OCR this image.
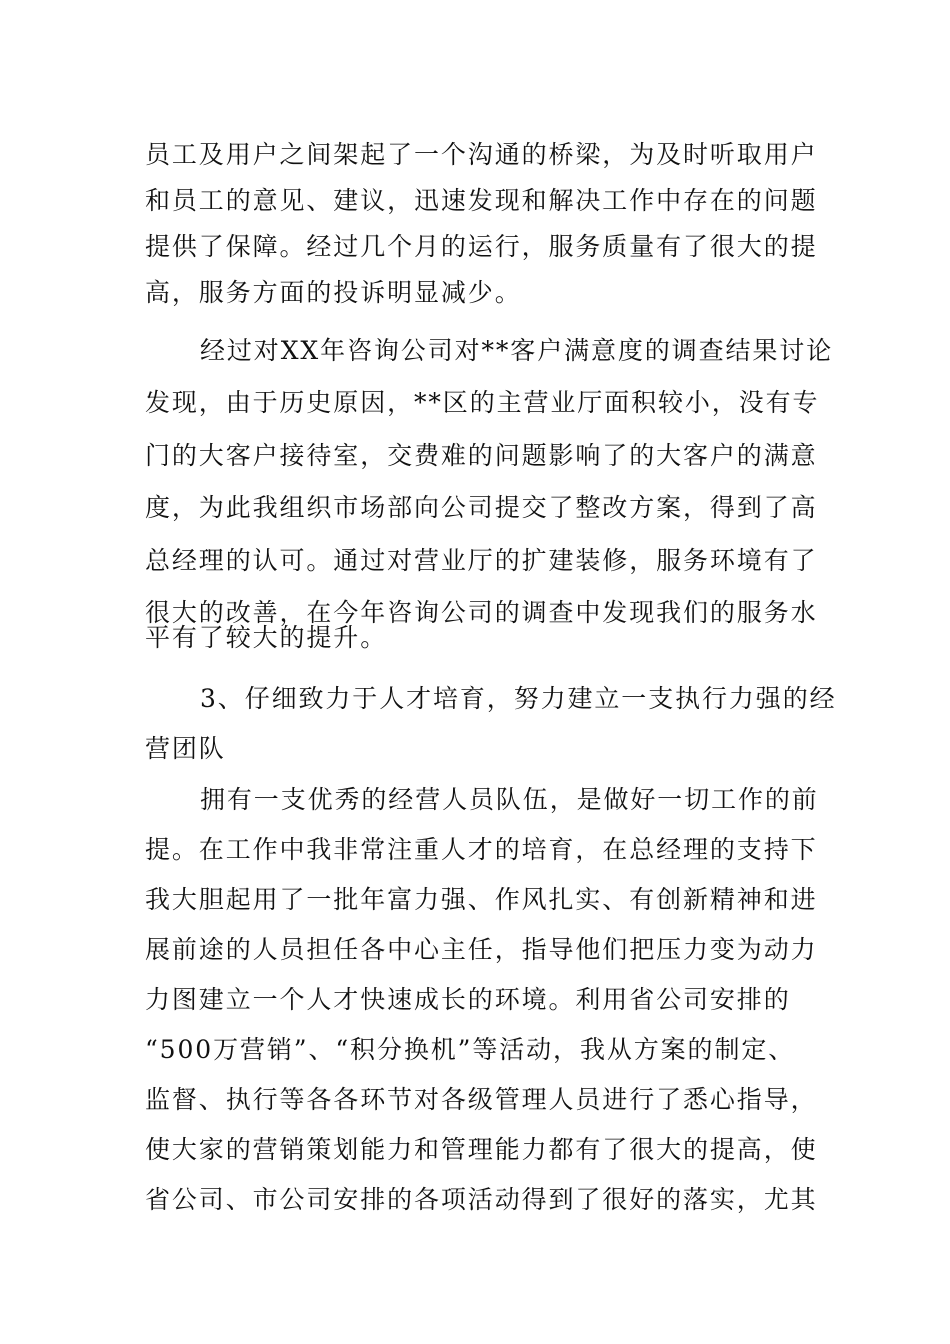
员工及用户之间架起了一个沟通的桥梁，为及时听取用户
和员工的意见、建议，迅速发现和解决工作中存在的问题
提供了保障。经过几个月的运行，服务质量有了很大的提
高，服务方面的投诉明显减少。
经过对XX年咨询公司对**客户满意度的调查结果讨论
发现，由于历史原因，**区的主营业厅面积较小，没有专
门的大客户接待室，交费难的问题影响了的大客户的满意
度，为此我组织市场部向公司提交了整改方案，得到了高
总经理的认可。通过对营业厅的扩建装修，服务环境有了
很大的改善，在今年咨询公司的调查中发现我们的服务水
平有了较大的提升。
3、仔细致力于人才培育，努力建立一支执行力强的经
营团队
拥有一支优秀的经营人员队伍，是做好一切工作的前
提。在工作中我非常注重人才的培育，在总经理的支持下
我大胆起用了一批年富力强、作风扎实、有创新精神和进
展前途的人员担任各中心主任，指导他们把压力变为动力
力图建立一个人才快速成长的环境。利用省公司安排的
“500万营销”、“积分换机”等活动，我从方案的制定、
监督、执行等各各环节对各级管理人员进行了悉心指导，
使大家的营销策划能力和管理能力都有了很大的提高，使
省公司、市公司安排的各项活动得到了很好的落实，尤其
